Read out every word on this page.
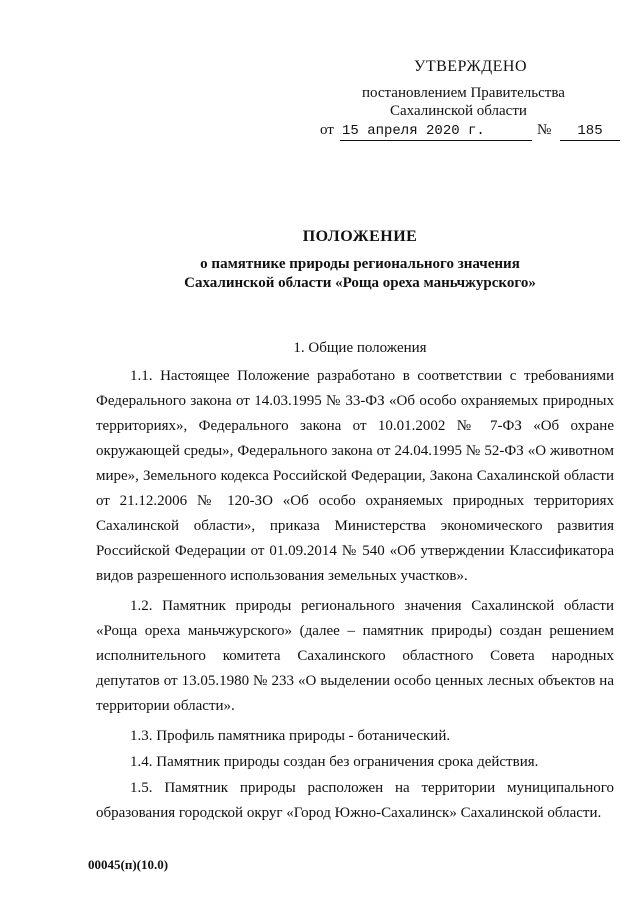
УТВЕРЖДЕНО
постановлением Правительства
Сахалинской области
от 15 апреля 2020 г.	№	185
ПОЛОЖЕНИЕ
о памятнике природы регионального значения
Сахалинской области «Роща ореха маньчжурского»
1. Общие положения

1.1. Настоящее Положение разработано в соответствии с требованиями Федерального закона от 14.03.1995 № 33-ФЗ «Об особо охраняемых природных территориях», Федерального закона от 10.01.2002 № 7-ФЗ «Об охране окружающей среды», Федерального закона от 24.04.1995 № 52-ФЗ «О животном мире», Земельного кодекса Российской Федерации, Закона Сахалинской области от 21.12.2006 № 120-ЗО «Об особо охраняемых природных территориях Сахалинской области», приказа Министерства экономического развития Российской Федерации от 01.09.2014 № 540 «Об утверждении Классификатора видов разрешенного использования земельных участков».

1.2. Памятник природы регионального значения Сахалинской области «Роща ореха маньчжурского» (далее – памятник природы) создан решением исполнительного комитета Сахалинского областного Совета народных депутатов от 13.05.1980 № 233 «О выделении особо ценных лесных объектов на территории области».

1.3. Профиль памятника природы - ботанический.

1.4. Памятник природы создан без ограничения срока действия.

1.5. Памятник природы расположен на территории муниципального образования городской округ «Город Южно-Сахалинск» Сахалинской области.

00045(п)(10.0)
